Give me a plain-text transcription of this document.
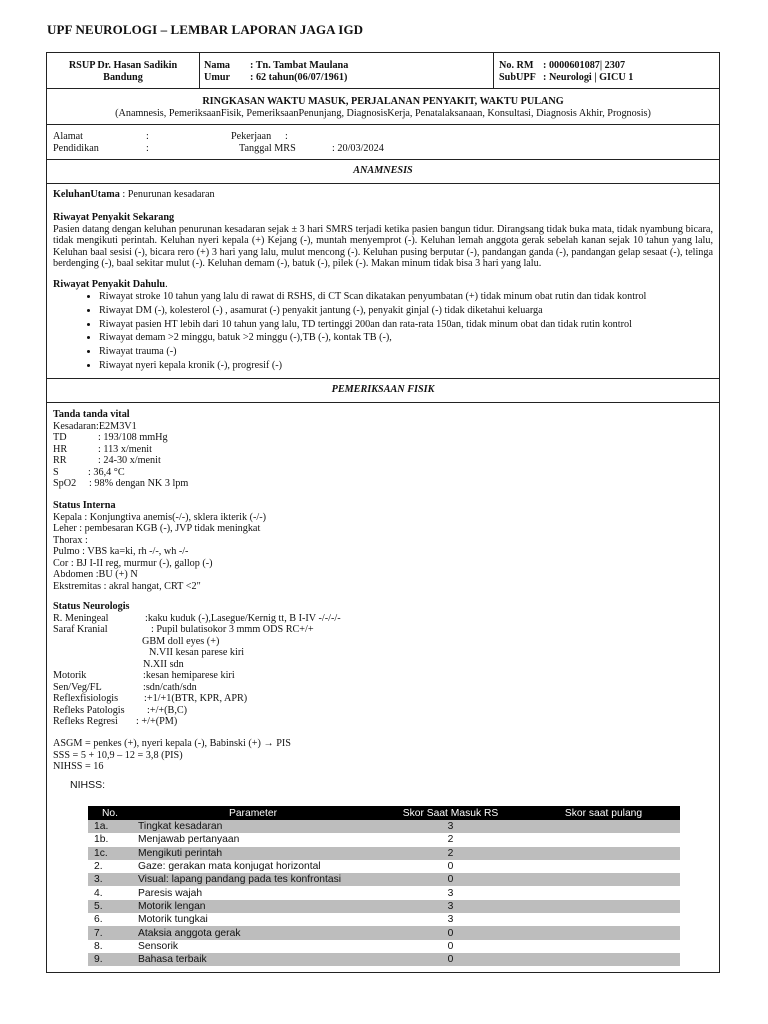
UPF NEUROLOGI – LEMBAR LAPORAN JAGA IGD
RSUP Dr. Hasan Sadikin
Bandung
Nama : Tn. Tambat Maulana
Umur : 62 tahun(06/07/1961)
No. RM : 0000601087| 2307
SubUPF : Neurologi | GICU 1
RINGKASAN WAKTU MASUK, PERJALANAN PENYAKIT, WAKTU PULANG
(Anamnesis, PemeriksaanFisik, PemeriksaanPenunjang, DiagnosisKerja, Penatalaksanaan, Konsultasi, Diagnosis Akhir, Prognosis)
Alamat	:
Pendidikan	:
Pekerjaan :
Tanggal MRS	: 20/03/2024
ANAMNESIS
KeluhanUtama : Penurunan kesadaran
Riwayat Penyakit Sekarang
Pasien datang dengan keluhan penurunan kesadaran sejak ± 3 hari SMRS terjadi ketika pasien bangun tidur. Dirangsang tidak buka mata, tidak nyambung bicara, tidak mengikuti perintah. Keluhan nyeri kepala (+) Kejang (-), muntah menyemprot (-). Keluhan lemah anggota gerak sebelah kanan sejak 10 tahun yang lalu, Keluhan baal sesisi (-), bicara rero (+) 3 hari yang lalu, mulut mencong (-). Keluhan pusing berputar (-), pandangan ganda (-), pandangan gelap sesaat (-), telinga berdenging (-), baal sekitar mulut (-). Keluhan demam (-), batuk (-), pilek (-). Makan minum tidak bisa 3 hari yang lalu.
Riwayat Penyakit Dahulu.
• Riwayat stroke 10 tahun yang lalu di rawat di RSHS, di CT Scan dikatakan penyumbatan (+) tidak minum obat rutin dan tidak kontrol
• Riwayat DM (-), kolesterol (-) , asamurat (-) penyakit jantung (-), penyakit ginjal (-) tidak diketahui keluarga
• Riwayat pasien HT lebih dari 10 tahun yang lalu, TD tertinggi 200an dan rata-rata 150an, tidak minum obat dan tidak rutin kontrol
• Riwayat demam >2 minggu, batuk >2 minggu (-),TB (-), kontak TB (-),
• Riwayat trauma (-)
• Riwayat nyeri kepala kronik (-), progresif (-)
PEMERIKSAAN FISIK
Tanda tanda vital
Kesadaran:E2M3V1
TD	: 193/108 mmHg
HR	: 113 x/menit
RR	: 24-30 x/menit
S	: 36,4 °C
SpO2 : 98% dengan NK 3 lpm
Status Interna
Kepala : Konjungtiva anemis(-/-), sklera ikterik (-/-)
Leher : pembesaran KGB (-), JVP tidak meningkat
Thorax :
Pulmo : VBS ka=ki, rh -/-, wh -/-
Cor : BJ I-II reg, murmur (-), gallop (-)
Abdomen :BU (+) N
Ekstremitas : akral hangat, CRT <2"
Status Neurologis
R. Meningeal	:kaku kuduk (-),Lasegue/Kernig tt, B I-IV -/-/-/-
Saraf Kranial	: Pupil bulatisokor 3 mmm ODS RC+/+
GBM doll eyes (+)
N.VII kesan parese kiri
N.XII sdn
Motorik	:kesan hemiparese kiri
Sen/Veg/FL	:sdn/cath/sdn
Reflexfisiologis	:+1/+1(BTR, KPR, APR)
Refleks Patologis :+/+(B,C)
Refleks Regresi : +/+(PM)
ASGM = penkes (+), nyeri kepala (-), Babinski (+) → PIS
SSS = 5 + 10,9 – 12 = 3,8 (PIS)
NIHSS = 16
NIHSS:
No.	Parameter	Skor Saat Masuk RS	Skor saat pulang
1a.	Tingkat kesadaran	3	
1b.	Menjawab pertanyaan	2	
1c.	Mengikuti perintah	2	
2.	Gaze: gerakan mata konjugat horizontal	0	
3.	Visual: lapang pandang pada tes konfrontasi	0	
4.	Paresis wajah	3	
5.	Motorik lengan	3	
6.	Motorik tungkai	3	
7.	Ataksia anggota gerak	0	
8.	Sensorik	0	
9.	Bahasa terbaik	0	
